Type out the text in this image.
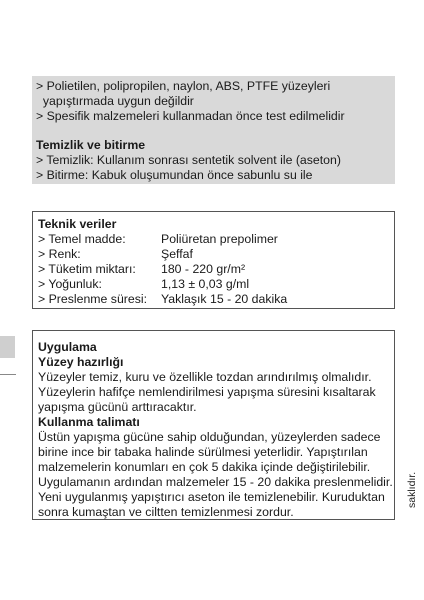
> Polietilen, polipropilen, naylon, ABS, PTFE yüzeyleri
yapıştırmada uygun değildir
> Spesifik malzemeleri kullanmadan önce test edilmelidir
Temizlik ve bitirme
> Temizlik: Kullanım sonrası sentetik solvent ile (aseton)
> Bitirme: Kabuk oluşumundan önce sabunlu su ile
Teknik veriler
> Temel madde:	Poliüretan prepolimer
> Renk:	Şeffaf
> Tüketim miktarı: 180 - 220 gr/m²
> Yoğunluk:	1,13 ± 0,03 g/ml
> Preslenme süresi: Yaklaşık 15 - 20 dakika
Uygulama
Yüzey hazırlığı
Yüzeyler temiz, kuru ve özellikle tozdan arındırılmış olmalıdır.
Yüzeylerin hafifçe nemlendirilmesi yapışma süresini kısaltarak
yapışma gücünü arttıracaktır.
Kullanma talimatı
Üstün yapışma gücüne sahip olduğundan, yüzeylerden sadece
birine ince bir tabaka halinde sürülmesi yeterlidir. Yapıştırılan
malzemelerin konumları en çok 5 dakika içinde değiştirilebilir.
Uygulamanın ardından malzemeler 15 - 20 dakika preslenmelidir.
Yeni uygulanmış yapıştırıcı aseton ile temizlenebilir. Kuruduktan
sonra kumaştan ve ciltten temizlenmesi zordur.
saklıdır.
